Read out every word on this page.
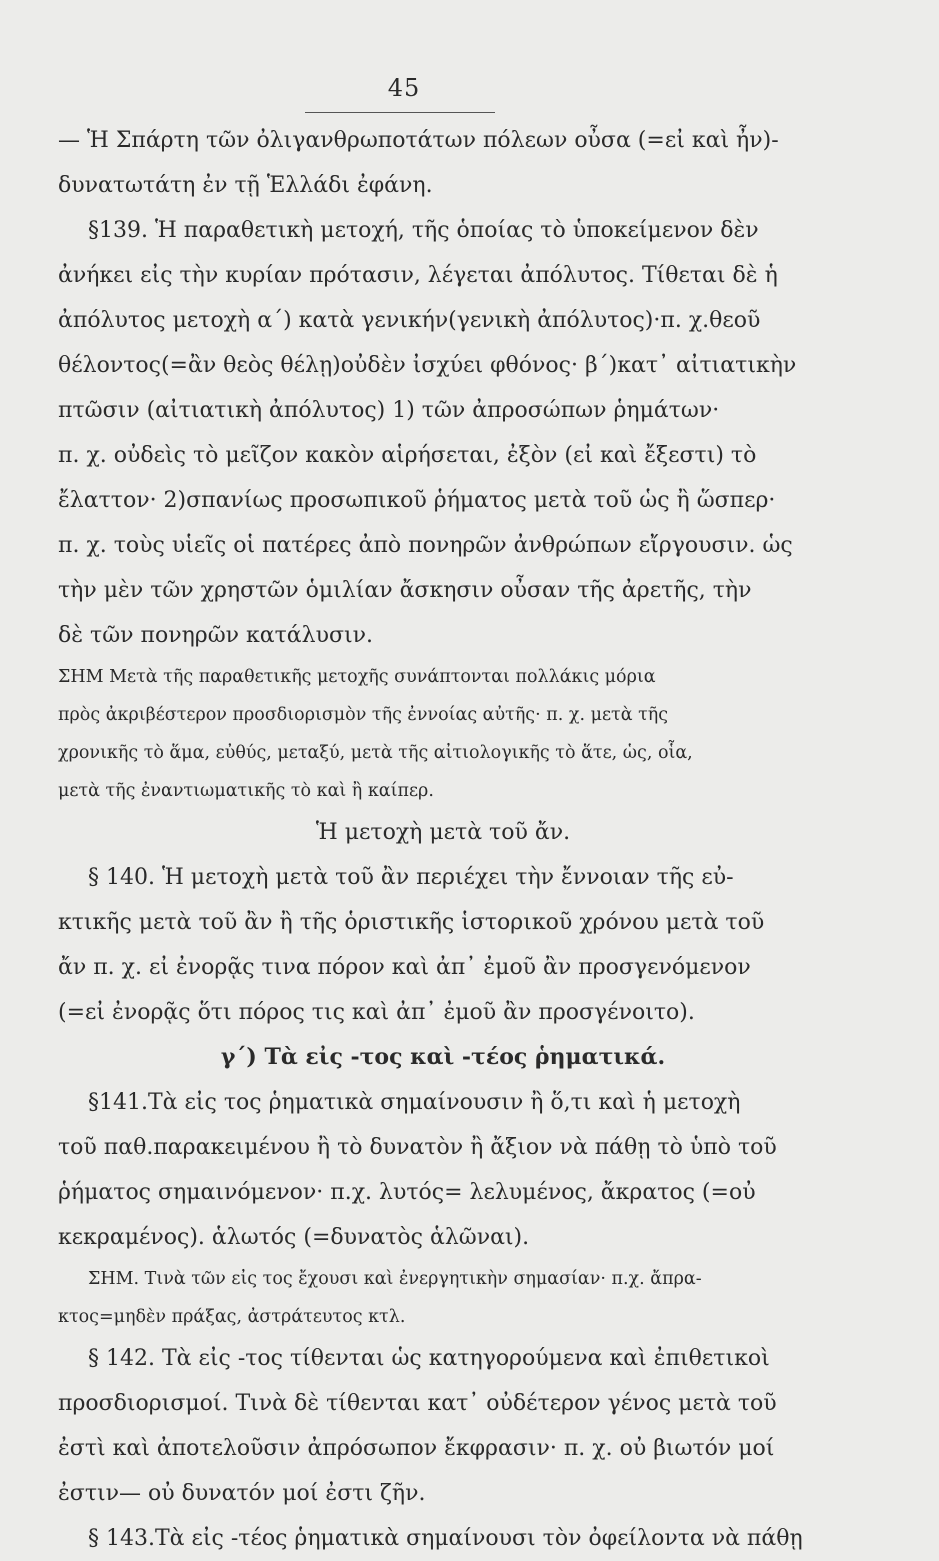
45
— Ἡ Σπάρτη τῶν ὀλιγανθρωποτάτων πόλεων οὖσα (=εἰ καὶ ἦν)-
δυνατωτάτη ἐν τῇ Ἑλλάδι ἐφάνη.
§139. Ἡ παραθετικὴ μετοχή, τῆς ὁποίας τὸ ὑποκείμενον δὲν
ἀνήκει εἰς τὴν κυρίαν πρότασιν, λέγεται ἀπόλυτος. Τίθεται δὲ ἡ
ἀπόλυτος μετοχὴ α΄) κατὰ γενικήν(γενικὴ ἀπόλυτος)·π. χ.θεοῦ
θέλοντος(=ἂν θεὸς θέλῃ)οὐδὲν ἰσχύει φθόνος· β΄)κατ᾿ αἰτιατικὴν
πτῶσιν (αἰτιατικὴ ἀπόλυτος) 1) τῶν ἀπροσώπων ῥημάτων·
π. χ. οὐδεὶς τὸ μεῖζον κακὸν αἱρήσεται, ἐξὸν (εἰ καὶ ἔξεστι) τὸ
ἔλαττον· 2)σπανίως προσωπικοῦ ῥήματος μετὰ τοῦ ὡς ἢ ὥσπερ·
π. χ. τοὺς υἱεῖς οἱ πατέρες ἀπὸ πονηρῶν ἀνθρώπων εἴργουσιν. ὡς
τὴν μὲν τῶν χρηστῶν ὁμιλίαν ἄσκησιν οὖσαν τῆς ἀρετῆς, τὴν
δὲ τῶν πονηρῶν κατάλυσιν.
ΣΗΜ Μετὰ τῆς παραθετικῆς μετοχῆς συνάπτονται πολλάκις μόρια
πρὸς ἀκριβέστερον προσδιορισμὸν τῆς ἐννοίας αὐτῆς· π. χ. μετὰ τῆς
χρονικῆς τὸ ἅμα, εὐθύς, μεταξύ, μετὰ τῆς αἰτιολογικῆς τὸ ἅτε, ὡς, οἷα,
μετὰ τῆς ἐναντιωματικῆς τὸ καὶ ἢ καίπερ.
Ἡ μετοχὴ μετὰ τοῦ ἄν.
§ 140. Ἡ μετοχὴ μετὰ τοῦ ἂν περιέχει τὴν ἔννοιαν τῆς εὐ-
κτικῆς μετὰ τοῦ ἂν ἢ τῆς ὁριστικῆς ἱστορικοῦ χρόνου μετὰ τοῦ
ἄν π. χ. εἰ ἐνορᾷς τινα πόρον καὶ ἀπ᾿ ἐμοῦ ἂν προσγενόμενον
(=εἰ ἐνορᾷς ὅτι πόρος τις καὶ ἀπ᾿ ἐμοῦ ἂν προσγένοιτο).
γ΄) Τὰ εἰς -τος καὶ -τέος ῥηματικά.
§141.Τὰ εἰς τος ῥηματικὰ σημαίνουσιν ἢ ὅ,τι καὶ ἡ μετοχὴ
τοῦ παθ.παρακειμένου ἢ τὸ δυνατὸν ἢ ἄξιον νὰ πάθῃ τὸ ὑπὸ τοῦ
ῥήματος σημαινόμενον· π.χ. λυτός= λελυμένος, ἄκρατος (=οὐ
κεκραμένος). ἁλωτός (=δυνατὸς ἁλῶναι).
ΣΗΜ. Τινὰ τῶν εἰς τος ἔχουσι καὶ ἐνεργητικὴν σημασίαν· π.χ. ἄπρα-
κτος=μηδὲν πράξας, ἀστράτευτος κτλ.
§ 142. Τὰ εἰς -τος τίθενται ὡς κατηγορούμενα καὶ ἐπιθετικοὶ
προσδιορισμοί. Τινὰ δὲ τίθενται κατ᾿ οὐδέτερον γένος μετὰ τοῦ
ἐστὶ καὶ ἀποτελοῦσιν ἀπρόσωπον ἔκφρασιν· π. χ. οὐ βιωτόν μοί
ἐστιν— οὐ δυνατόν μοί ἐστι ζῆν.
§ 143.Τὰ εἰς -τέος ῥηματικὰ σημαίνουσι τὸν ὀφείλοντα νὰ πάθῃ
